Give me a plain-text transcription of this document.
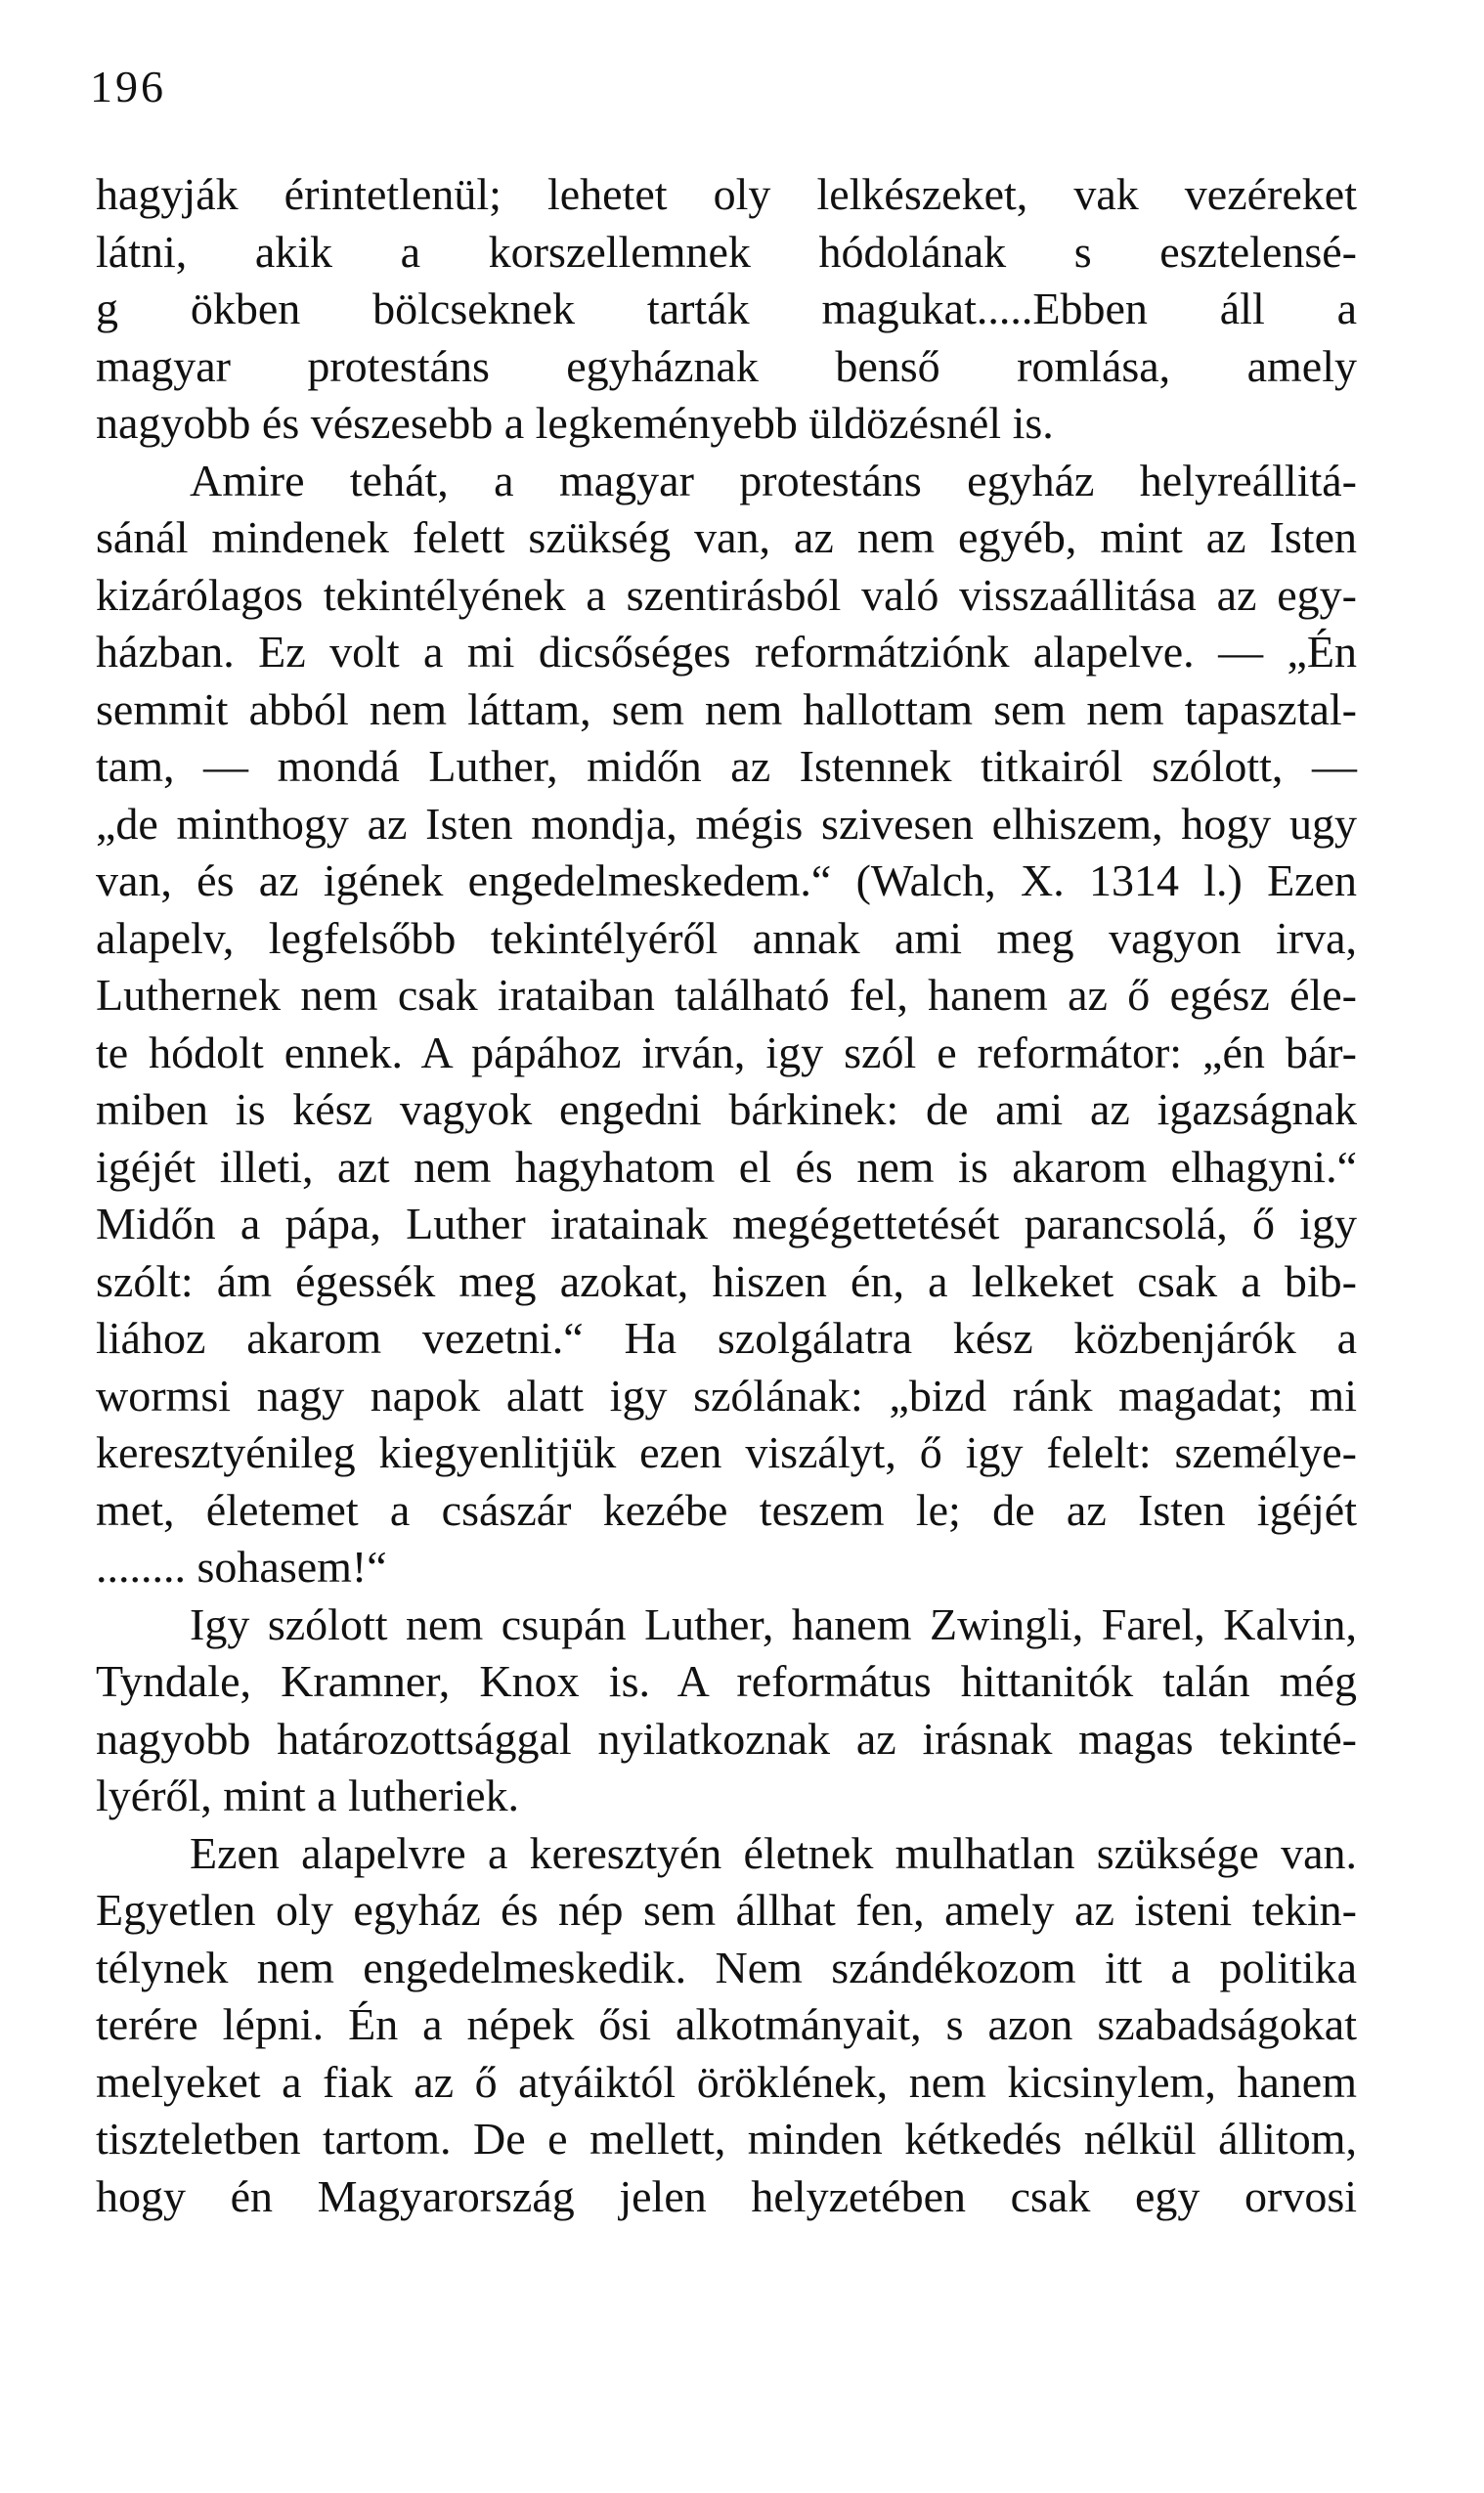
196
hagyják érintetlenül; lehetet oly lelkészeket, vak vezéreket
látni, akik a korszellemnek hódolának s esztelensé-
g ökben bölcseknek tarták magukat.....Ebben áll a
magyar protestáns egyháznak benső romlása, amely
nagyobb és vészesebb a legkeményebb üldözésnél is.
Amire tehát, a magyar protestáns egyház helyreállitá-
sánál mindenek felett szükség van, az nem egyéb, mint az Isten
kizárólagos tekintélyének a szentirásból való visszaállitása az egy-
házban. Ez volt a mi dicsőséges reformátziónk alapelve. — „Én
semmit abból nem láttam, sem nem hallottam sem nem tapasztal-
tam, — mondá Luther, midőn az Istennek titkairól szólott, —
„de minthogy az Isten mondja, mégis szivesen elhiszem, hogy ugy
van, és az igének engedelmeskedem.“ (Walch, X. 1314 l.) Ezen
alapelv, legfelsőbb tekintélyéről annak ami meg vagyon irva,
Luthernek nem csak irataiban található fel, hanem az ő egész éle-
te hódolt ennek. A pápához irván, igy szól e reformátor: „én bár-
miben is kész vagyok engedni bárkinek: de ami az igazságnak
igéjét illeti, azt nem hagyhatom el és nem is akarom elhagyni.“
Midőn a pápa, Luther iratainak megégettetését parancsolá, ő igy
szólt: ám égessék meg azokat, hiszen én, a lelkeket csak a bib-
liához akarom vezetni.“ Ha szolgálatra kész közbenjárók a
wormsi nagy napok alatt igy szólának: „bizd ránk magadat; mi
keresztyénileg kiegyenlitjük ezen viszályt, ő igy felelt: személye-
met, életemet a császár kezébe teszem le; de az Isten igéjét
........ sohasem!“
Igy szólott nem csupán Luther, hanem Zwingli, Farel, Kalvin,
Tyndale, Kramner, Knox is. A református hittanitók talán még
nagyobb határozottsággal nyilatkoznak az irásnak magas tekinté-
lyéről, mint a lutheriek.
Ezen alapelvre a keresztyén életnek mulhatlan szüksége van.
Egyetlen oly egyház és nép sem állhat fen, amely az isteni tekin-
télynek nem engedelmeskedik. Nem szándékozom itt a politika
terére lépni. Én a népek ősi alkotmányait, s azon szabadságokat
melyeket a fiak az ő atyáiktól öröklének, nem kicsinylem, hanem
tiszteletben tartom. De e mellett, minden kétkedés nélkül állitom,
hogy én Magyarország jelen helyzetében csak egy orvosi
